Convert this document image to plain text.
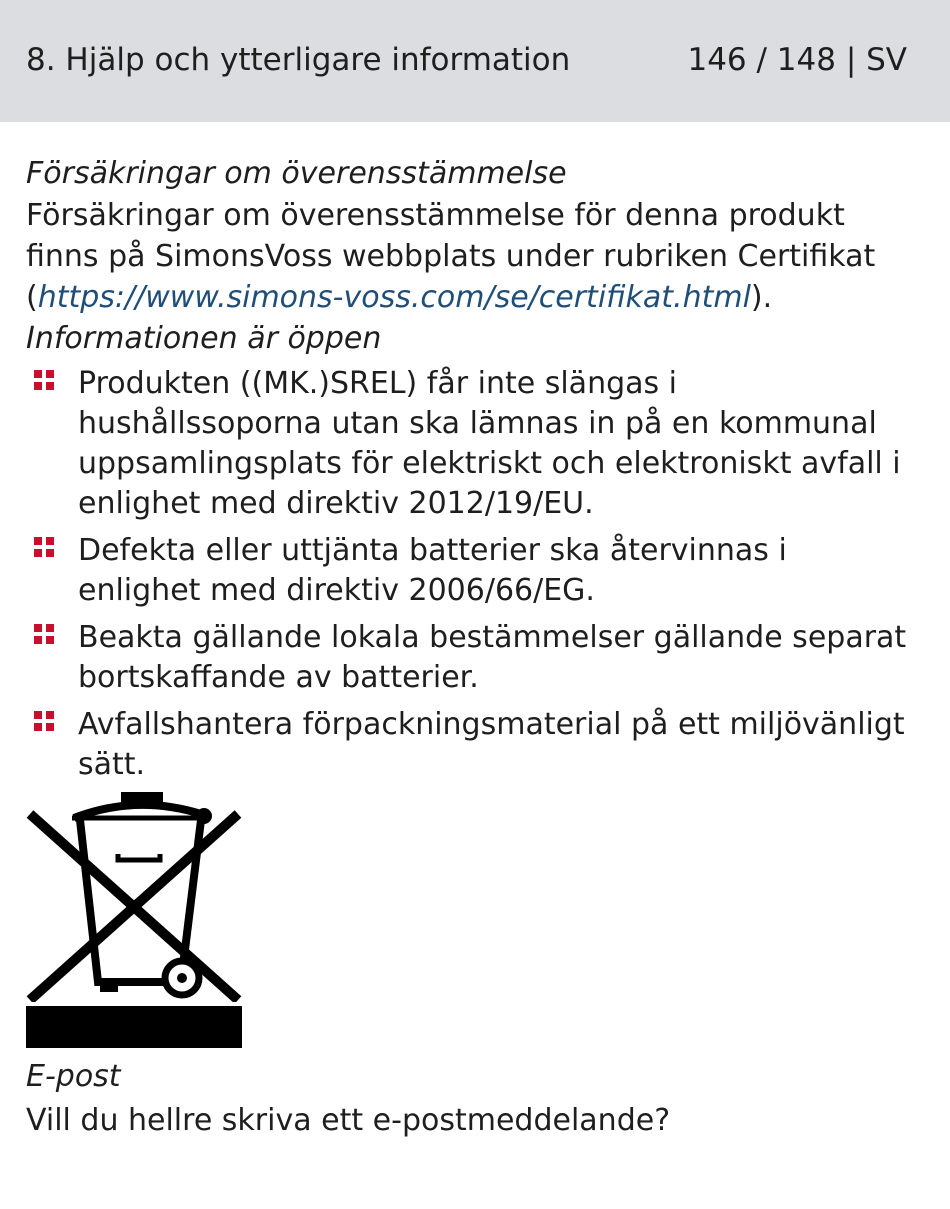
8. Hjälp och ytterligare information	146 / 148 | SV

Försäkringar om överensstämmelse

Försäkringar om överensstämmelse för denna produkt finns på SimonsVoss webbplats under rubriken Certifikat (https://www.simons-voss.com/se/certifikat.html).

Informationen är öppen

Produkten ((MK.)SREL) får inte slängas i hushållssoporna utan ska lämnas in på en kommunal uppsamlingsplats för elektriskt och elektroniskt avfall i enlighet med direktiv 2012/19/EU.
Defekta eller uttjänta batterier ska återvinnas i enlighet med direktiv 2006/66/EG.
Beakta gällande lokala bestämmelser gällande separat bortskaffande av batterier.
Avfallshantera förpackningsmaterial på ett miljövänligt sätt.

E-post

Vill du hellre skriva ett e-postmeddelande?
